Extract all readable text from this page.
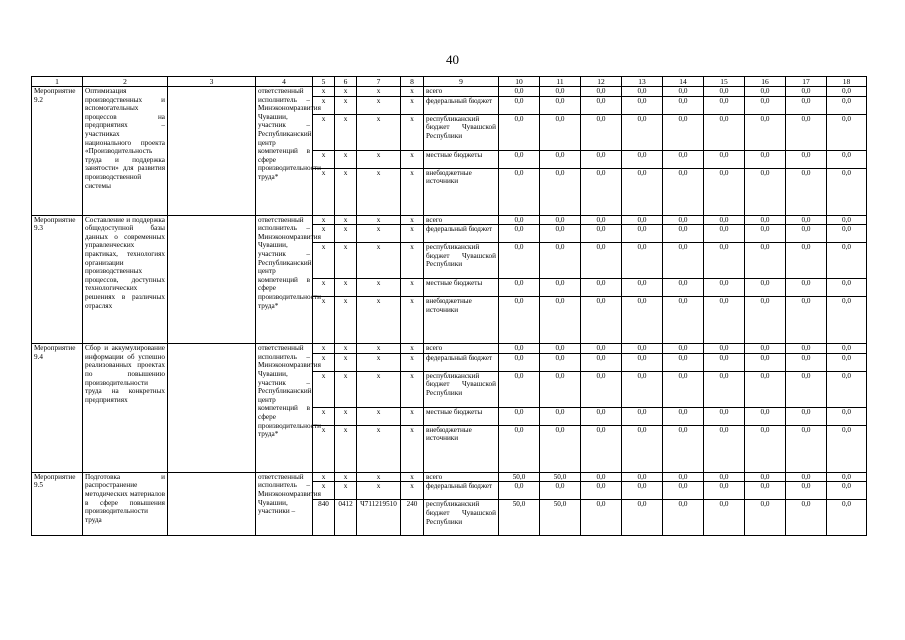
40
1	2	3	4	5	6	7	8	9	10	11	12	13	14	15	16	17	18
Мероприятие 9.2	Оптимизация производственных и вспомогательных процессов на предприятиях – участниках национального проекта «Производительность труда и поддержка занятости» для развития производственной системы		ответственный исполнитель – Минэкономразвития Чувашии, участник – Республиканский центр компетенций в сфере производительности труда*	x	x	x	x	всего	0,0	0,0	0,0	0,0	0,0	0,0	0,0	0,0	0,0
				x	x	x	x	федеральный бюджет	0,0	0,0	0,0	0,0	0,0	0,0	0,0	0,0	0,0
				x	x	x	x	республиканский бюджет Чувашской Республики	0,0	0,0	0,0	0,0	0,0	0,0	0,0	0,0	0,0
				x	x	x	x	местные бюджеты	0,0	0,0	0,0	0,0	0,0	0,0	0,0	0,0	0,0
				x	x	x	x	внебюджетные источники	0,0	0,0	0,0	0,0	0,0	0,0	0,0	0,0	0,0
Мероприятие 9.3	Составление и поддержка общедоступной базы данных о современных управленческих практиках, технологиях организации производственных процессов, доступных технологических решениях в различных отраслях		ответственный исполнитель – Минэкономразвития Чувашии, участник – Республиканский центр компетенций в сфере производительности труда*	x	x	x	x	всего	0,0	0,0	0,0	0,0	0,0	0,0	0,0	0,0	0,0
				x	x	x	x	федеральный бюджет	0,0	0,0	0,0	0,0	0,0	0,0	0,0	0,0	0,0
				x	x	x	x	республиканский бюджет Чувашской Республики	0,0	0,0	0,0	0,0	0,0	0,0	0,0	0,0	0,0
				x	x	x	x	местные бюджеты	0,0	0,0	0,0	0,0	0,0	0,0	0,0	0,0	0,0
				x	x	x	x	внебюджетные источники	0,0	0,0	0,0	0,0	0,0	0,0	0,0	0,0	0,0
Мероприятие 9.4	Сбор и аккумулирование информации об успешно реализованных проектах по повышению производительности труда на конкретных предприятиях		ответственный исполнитель – Минэкономразвития Чувашии, участник – Республиканский центр компетенций в сфере производительности труда*	x	x	x	x	всего	0,0	0,0	0,0	0,0	0,0	0,0	0,0	0,0	0,0
				x	x	x	x	федеральный бюджет	0,0	0,0	0,0	0,0	0,0	0,0	0,0	0,0	0,0
				x	x	x	x	республиканский бюджет Чувашской Республики	0,0	0,0	0,0	0,0	0,0	0,0	0,0	0,0	0,0
				x	x	x	x	местные бюджеты	0,0	0,0	0,0	0,0	0,0	0,0	0,0	0,0	0,0
				x	x	x	x	внебюджетные источники	0,0	0,0	0,0	0,0	0,0	0,0	0,0	0,0	0,0
Мероприятие 9.5	Подготовка и распространение методических материалов в сфере повышения производительности труда		ответственный исполнитель – Минэкономразвития Чувашии, участники –	x	x	x	x	всего	50,0	50,0	0,0	0,0	0,0	0,0	0,0	0,0	0,0
				x	x	x	x	федеральный бюджет	0,0	0,0	0,0	0,0	0,0	0,0	0,0	0,0	0,0
				840	0412	Ч711219510	240	республиканский бюджет Чувашской Республики	50,0	50,0	0,0	0,0	0,0	0,0	0,0	0,0	0,0
